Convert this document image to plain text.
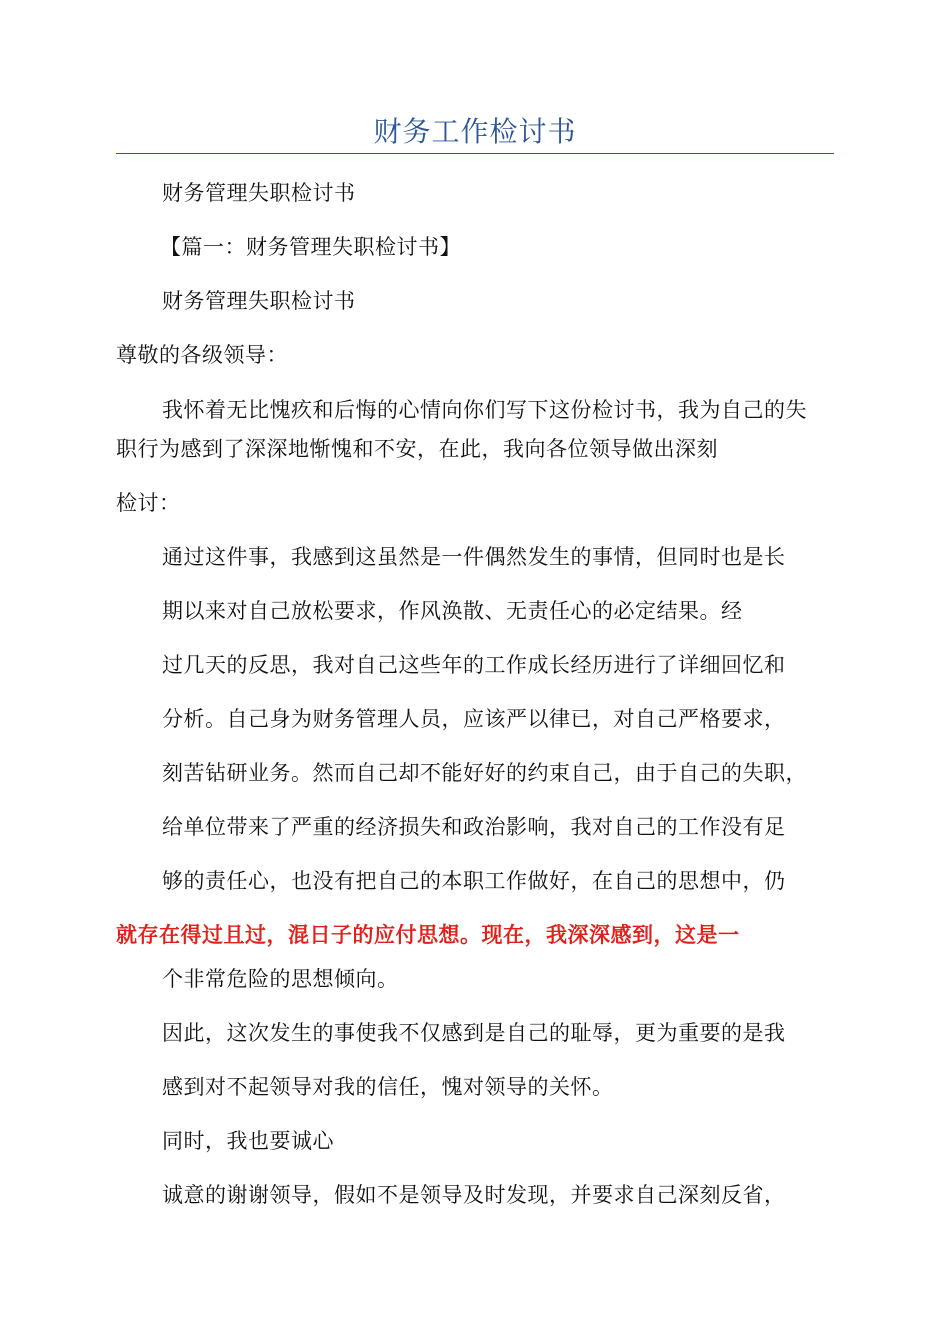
财务工作检讨书
财务管理失职检讨书
【篇一：财务管理失职检讨书】
财务管理失职检讨书
尊敬的各级领导：
我怀着无比愧疚和后悔的心情向你们写下这份检讨书，我为自己的失
职行为感到了深深地惭愧和不安，在此，我向各位领导做出深刻
检讨：
通过这件事，我感到这虽然是一件偶然发生的事情，但同时也是长
期以来对自己放松要求，作风涣散、无责任心的必定结果。经
过几天的反思，我对自己这些年的工作成长经历进行了详细回忆和
分析。自己身为财务管理人员，应该严以律已，对自己严格要求，
刻苦钻研业务。然而自己却不能好好的约束自己，由于自己的失职，
给单位带来了严重的经济损失和政治影响，我对自己的工作没有足
够的责任心，也没有把自己的本职工作做好，在自己的思想中，仍
就存在得过且过，混日子的应付思想。现在，我深深感到，这是一
个非常危险的思想倾向。
因此，这次发生的事使我不仅感到是自己的耻辱，更为重要的是我
感到对不起领导对我的信任，愧对领导的关怀。
同时，我也要诚心
诚意的谢谢领导，假如不是领导及时发现，并要求自己深刻反省，
